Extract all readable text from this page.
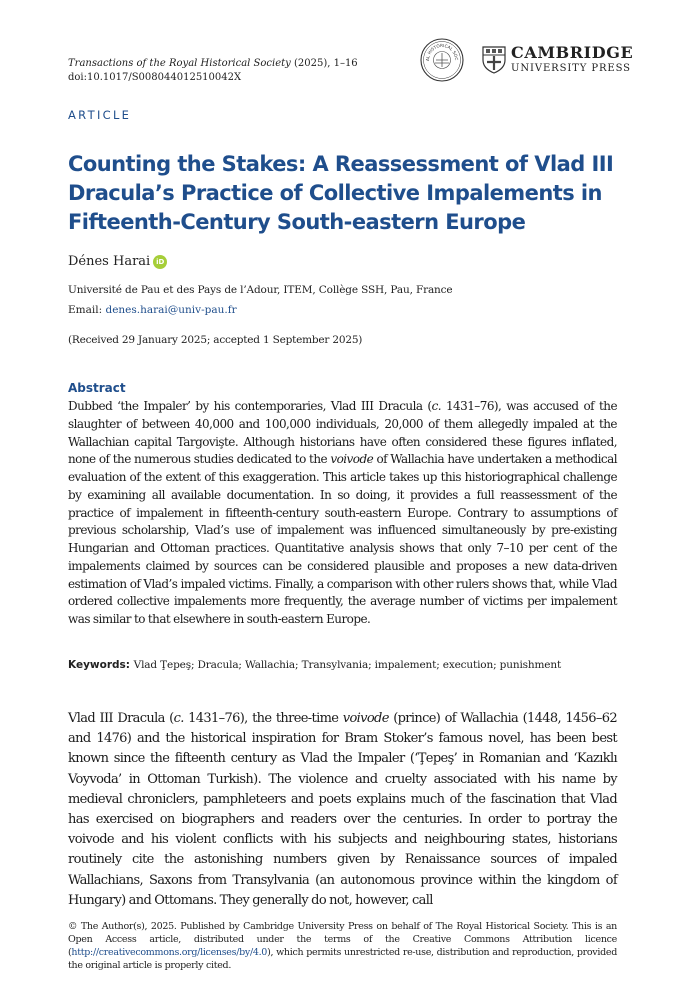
Transactions of the Royal Historical Society (2025), 1–16
doi:10.1017/S008044012510042X
AL HISTORICAL SOC	CAMBRIDGE
UNIVERSITY PRESS
ARTICLE
Counting the Stakes: A Reassessment of Vlad III Dracula’s Practice of Collective Impalements in Fifteenth-Century South-eastern Europe
Dénes Harai iD
Université de Pau et des Pays de l’Adour, ITEM, Collège SSH, Pau, France
Email: denes.harai@univ-pau.fr
(Received 29 January 2025; accepted 1 September 2025)
Abstract

Dubbed ‘the Impaler’ by his contemporaries, Vlad III Dracula (c. 1431–76), was accused of the slaughter of between 40,000 and 100,000 individuals, 20,000 of them allegedly impaled at the Wallachian capital Targovişte. Although historians have often considered these figures inflated, none of the numerous studies dedicated to the voivode of Wallachia have undertaken a methodical evaluation of the extent of this exaggeration. This article takes up this historiographical challenge by examining all available documentation. In so doing, it provides a full reassessment of the practice of impalement in fifteenth-century south-eastern Europe. Contrary to assumptions of previous scholarship, Vlad’s use of impalement was influenced simultaneously by pre-existing Hungarian and Ottoman practices. Quantitative analysis shows that only 7–10 per cent of the impalements claimed by sources can be considered plausible and proposes a new data-driven estimation of Vlad’s impaled victims. Finally, a comparison with other rulers shows that, while Vlad ordered collective impalements more frequently, the average number of victims per impalement was similar to that elsewhere in south-eastern Europe.

Keywords: Vlad Ţepeş; Dracula; Wallachia; Transylvania; impalement; execution; punishment

Vlad III Dracula (c. 1431–76), the three-time voivode (prince) of Wallachia (1448, 1456–62 and 1476) and the historical inspiration for Bram Stoker’s famous novel, has been best known since the fifteenth century as Vlad the Impaler (‘Ţepeş’ in Romanian and ‘Kazıklı Voyvoda’ in Ottoman Turkish). The violence and cruelty associated with his name by medieval chroniclers, pamphleteers and poets explains much of the fascination that Vlad has exercised on biographers and readers over the centuries. In order to portray the voivode and his violent conflicts with his subjects and neighbouring states, historians routinely cite the astonishing numbers given by Renaissance sources of impaled Wallachians, Saxons from Transylvania (an autonomous province within the kingdom of Hungary) and Ottomans. They generally do not, however, call

© The Author(s), 2025. Published by Cambridge University Press on behalf of The Royal Historical Society. This is an Open Access article, distributed under the terms of the Creative Commons Attribution licence (http://creativecommons.org/licenses/by/4.0), which permits unrestricted re-use, distribution and reproduction, provided the original article is properly cited.
